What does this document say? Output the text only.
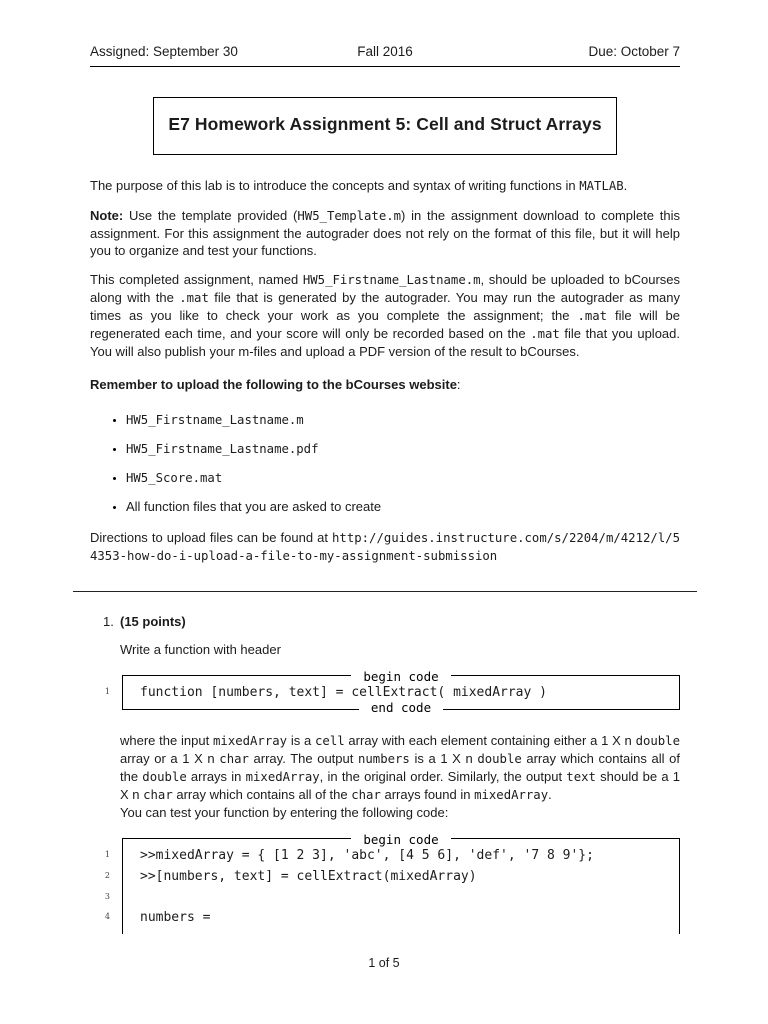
Assigned: September 30	Fall 2016	Due: October 7
E7 Homework Assignment 5: Cell and Struct Arrays

The purpose of this lab is to introduce the concepts and syntax of writing functions in MATLAB.

Note: Use the template provided (HW5_Template.m) in the assignment download to complete this assignment. For this assignment the autograder does not rely on the format of this file, but it will help you to organize and test your functions.

This completed assignment, named HW5_Firstname_Lastname.m, should be uploaded to bCourses along with the .mat file that is generated by the autograder. You may run the autograder as many times as you like to check your work as you complete the assignment; the .mat file will be regenerated each time, and your score will only be recorded based on the .mat file that you upload. You will also publish your m-files and upload a PDF version of the result to bCourses.

Remember to upload the following to the bCourses website:

• HW5_Firstname_Lastname.m
• HW5_Firstname_Lastname.pdf
• HW5_Score.mat
• All function files that you are asked to create

Directions to upload files can be found at http://guides.instructure.com/s/2204/m/4212/l/54353-how-do-i-upload-a-file-to-my-assignment-submission

1. (15 points)
Write a function with header
begin code
1 function [numbers, text] = cellExtract( mixedArray )
end code

where the input mixedArray is a cell array with each element containing either a 1 X n double array or a 1 X n char array. The output numbers is a 1 X n double array which contains all of the double arrays in mixedArray, in the original order. Similarly, the output text should be a 1 X n char array which contains all of the char arrays found in mixedArray.

You can test your function by entering the following code:
begin code
1 >>mixedArray = { [1 2 3], 'abc', [4 5 6], 'def', '7 8 9'};
2 >>[numbers, text] = cellExtract(mixedArray)
3
4 numbers =
1 of 5
